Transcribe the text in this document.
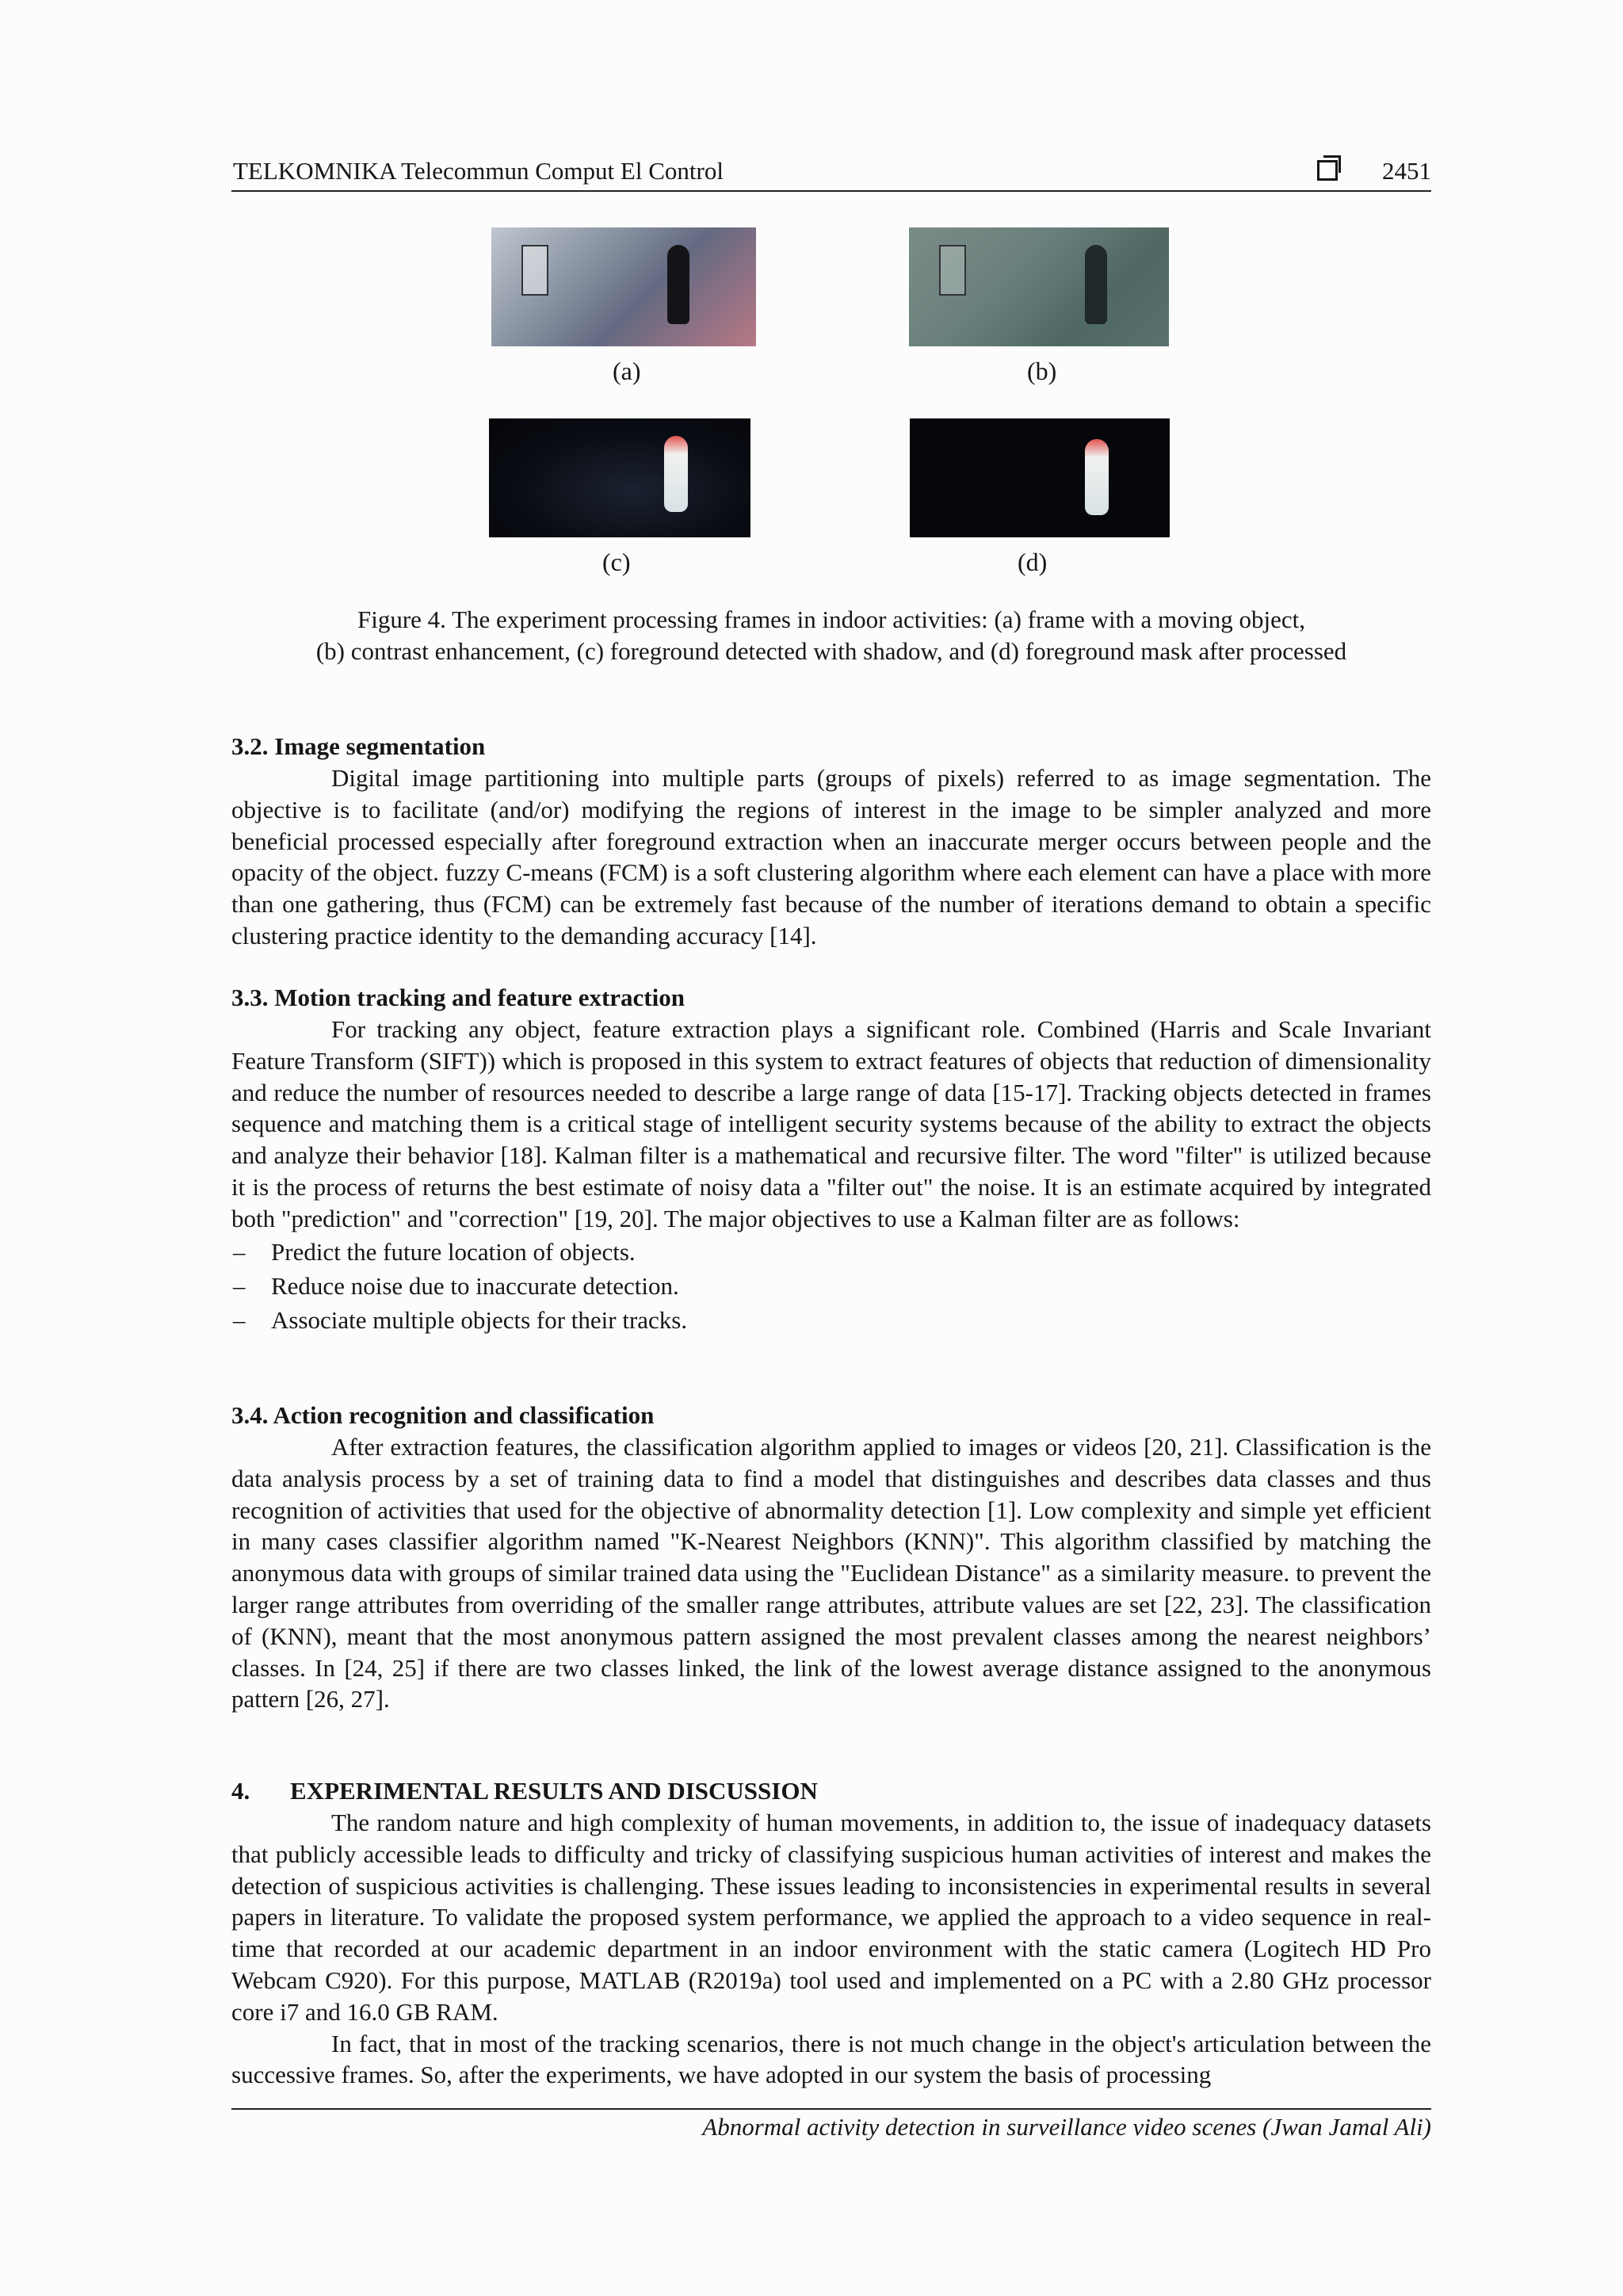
TELKOMNIKA Telecommun Comput El Control	2451
(a)	(b)
(c)	(d)
Figure 4. The experiment processing frames in indoor activities: (a) frame with a moving object,
(b) contrast enhancement, (c) foreground detected with shadow, and (d) foreground mask after processed
3.2. Image segmentation

Digital image partitioning into multiple parts (groups of pixels) referred to as image segmentation. The objective is to facilitate (and/or) modifying the regions of interest in the image to be simpler analyzed and more beneficial processed especially after foreground extraction when an inaccurate merger occurs between people and the opacity of the object. fuzzy C-means (FCM) is a soft clustering algorithm where each element can have a place with more than one gathering, thus (FCM) can be extremely fast because of the number of iterations demand to obtain a specific clustering practice identity to the demanding accuracy [14].

3.3. Motion tracking and feature extraction

For tracking any object, feature extraction plays a significant role. Combined (Harris and Scale Invariant Feature Transform (SIFT)) which is proposed in this system to extract features of objects that reduction of dimensionality and reduce the number of resources needed to describe a large range of data [15-17]. Tracking objects detected in frames sequence and matching them is a critical stage of intelligent security systems because of the ability to extract the objects and analyze their behavior [18]. Kalman filter is a mathematical and recursive filter. The word "filter" is utilized because it is the process of returns the best estimate of noisy data a "filter out" the noise. It is an estimate acquired by integrated both "prediction" and "correction" [19, 20]. The major objectives to use a Kalman filter are as follows:

– Predict the future location of objects.
– Reduce noise due to inaccurate detection.
– Associate multiple objects for their tracks.
3.4. Action recognition and classification

After extraction features, the classification algorithm applied to images or videos [20, 21]. Classification is the data analysis process by a set of training data to find a model that distinguishes and describes data classes and thus recognition of activities that used for the objective of abnormality detection [1]. Low complexity and simple yet efficient in many cases classifier algorithm named "K-Nearest Neighbors (KNN)". This algorithm classified by matching the anonymous data with groups of similar trained data using the "Euclidean Distance" as a similarity measure. to prevent the larger range attributes from overriding of the smaller range attributes, attribute values are set [22, 23]. The classification of (KNN), meant that the most anonymous pattern assigned the most prevalent classes among the nearest neighbors’ classes. In [24, 25] if there are two classes linked, the link of the lowest average distance assigned to the anonymous pattern [26, 27].

4. EXPERIMENTAL RESULTS AND DISCUSSION

The random nature and high complexity of human movements, in addition to, the issue of inadequacy datasets that publicly accessible leads to difficulty and tricky of classifying suspicious human activities of interest and makes the detection of suspicious activities is challenging. These issues leading to inconsistencies in experimental results in several papers in literature. To validate the proposed system performance, we applied the approach to a video sequence in real-time that recorded at our academic department in an indoor environment with the static camera (Logitech HD Pro Webcam C920). For this purpose, MATLAB (R2019a) tool used and implemented on a PC with a 2.80 GHz processor core i7 and 16.0 GB RAM.

In fact, that in most of the tracking scenarios, there is not much change in the object's articulation between the successive frames. So, after the experiments, we have adopted in our system the basis of processing

Abnormal activity detection in surveillance video scenes (Jwan Jamal Ali)
